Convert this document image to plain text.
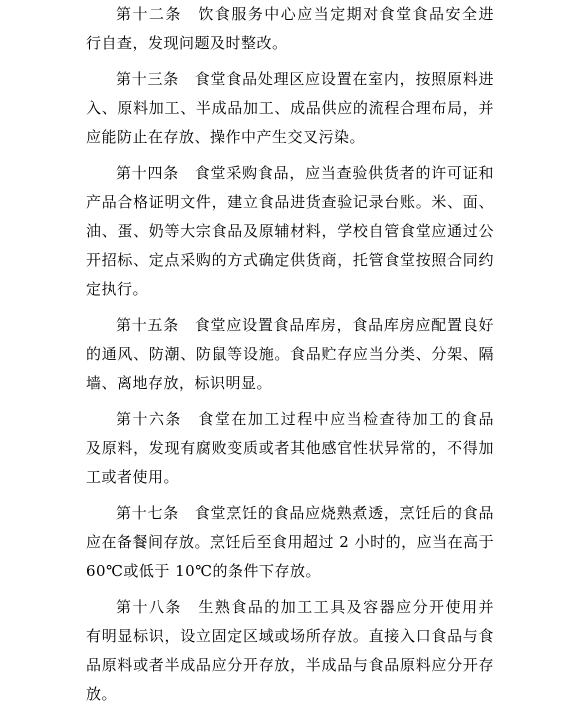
第十二条　饮食服务中心应当定期对食堂食品安全进
行自查，发现问题及时整改。
第十三条　食堂食品处理区应设置在室内，按照原料进
入、原料加工、半成品加工、成品供应的流程合理布局，并
应能防止在存放、操作中产生交叉污染。
第十四条　食堂采购食品，应当查验供货者的许可证和
产品合格证明文件，建立食品进货查验记录台账。米、面、
油、蛋、奶等大宗食品及原辅材料，学校自管食堂应通过公
开招标、定点采购的方式确定供货商，托管食堂按照合同约
定执行。
第十五条　食堂应设置食品库房，食品库房应配置良好
的通风、防潮、防鼠等设施。食品贮存应当分类、分架、隔
墙、离地存放，标识明显。
第十六条　食堂在加工过程中应当检查待加工的食品
及原料，发现有腐败变质或者其他感官性状异常的，不得加
工或者使用。
第十七条　食堂烹饪的食品应烧熟煮透，烹饪后的食品
应在备餐间存放。烹饪后至食用超过 2 小时的，应当在高于
60℃或低于 10℃的条件下存放。
第十八条　生熟食品的加工工具及容器应分开使用并
有明显标识，设立固定区域或场所存放。直接入口食品与食
品原料或者半成品应分开存放，半成品与食品原料应分开存
放。
